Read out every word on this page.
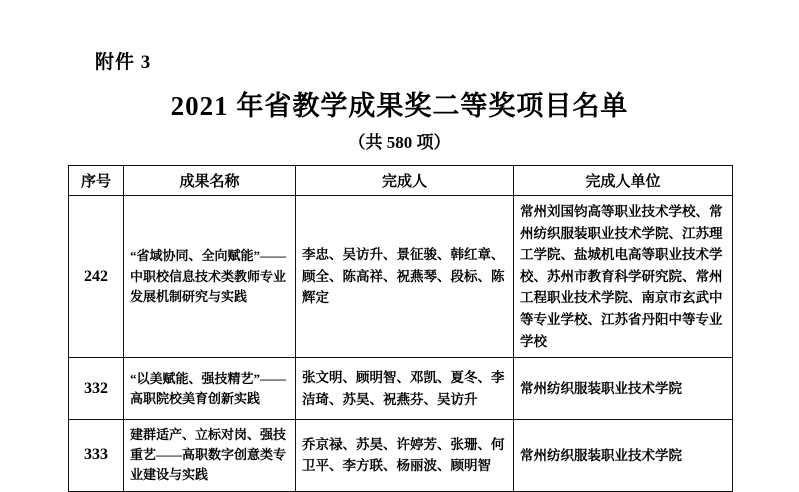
附件 3
2021 年省教学成果奖二等奖项目名单
（共 580 项）
序号	成果名称	完成人	完成人单位
242	“省域协同、全向赋能”——中职校信息技术类教师专业发展机制研究与实践	李忠、吴访升、景征骏、韩红章、顾全、陈高祥、祝燕琴、段标、陈辉定	常州刘国钧高等职业技术学校、常州纺织服装职业技术学院、江苏理工学院、盐城机电高等职业技术学校、苏州市教育科学研究院、常州工程职业技术学院、南京市玄武中等专业学校、江苏省丹阳中等专业学校
332	“以美赋能、强技精艺”——高职院校美育创新实践	张文明、顾明智、邓凯、夏冬、李洁琦、苏昊、祝燕芬、吴访升	常州纺织服装职业技术学院
333	建群适产、立标对岗、强技重艺——高职数字创意类专业建设与实践	乔京禄、苏昊、许婷芳、张珊、何卫平、李方联、杨丽波、顾明智	常州纺织服装职业技术学院
